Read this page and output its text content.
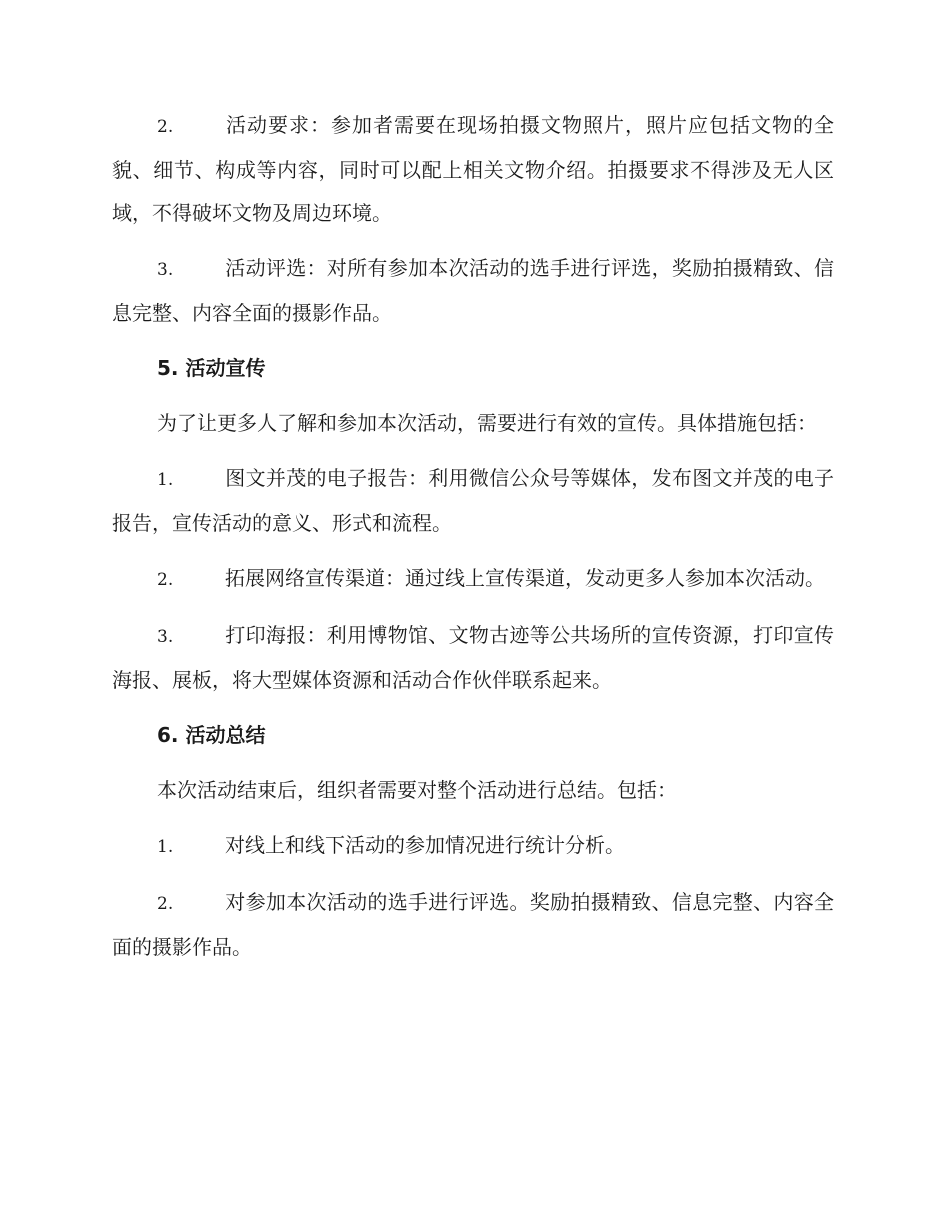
2.	活动要求：参加者需要在现场拍摄文物照片，照片应包括文物的全貌、细节、构成等内容，同时可以配上相关文物介绍。拍摄要求不得涉及无人区域，不得破坏文物及周边环境。

3.	活动评选：对所有参加本次活动的选手进行评选，奖励拍摄精致、信息完整、内容全面的摄影作品。

5. 活动宣传

为了让更多人了解和参加本次活动，需要进行有效的宣传。具体措施包括：

1.	图文并茂的电子报告：利用微信公众号等媒体，发布图文并茂的电子报告，宣传活动的意义、形式和流程。

2.	拓展网络宣传渠道：通过线上宣传渠道，发动更多人参加本次活动。

3.	打印海报：利用博物馆、文物古迹等公共场所的宣传资源，打印宣传海报、展板，将大型媒体资源和活动合作伙伴联系起来。

6. 活动总结

本次活动结束后，组织者需要对整个活动进行总结。包括：

1.	对线上和线下活动的参加情况进行统计分析。

2.	对参加本次活动的选手进行评选。奖励拍摄精致、信息完整、内容全面的摄影作品。
